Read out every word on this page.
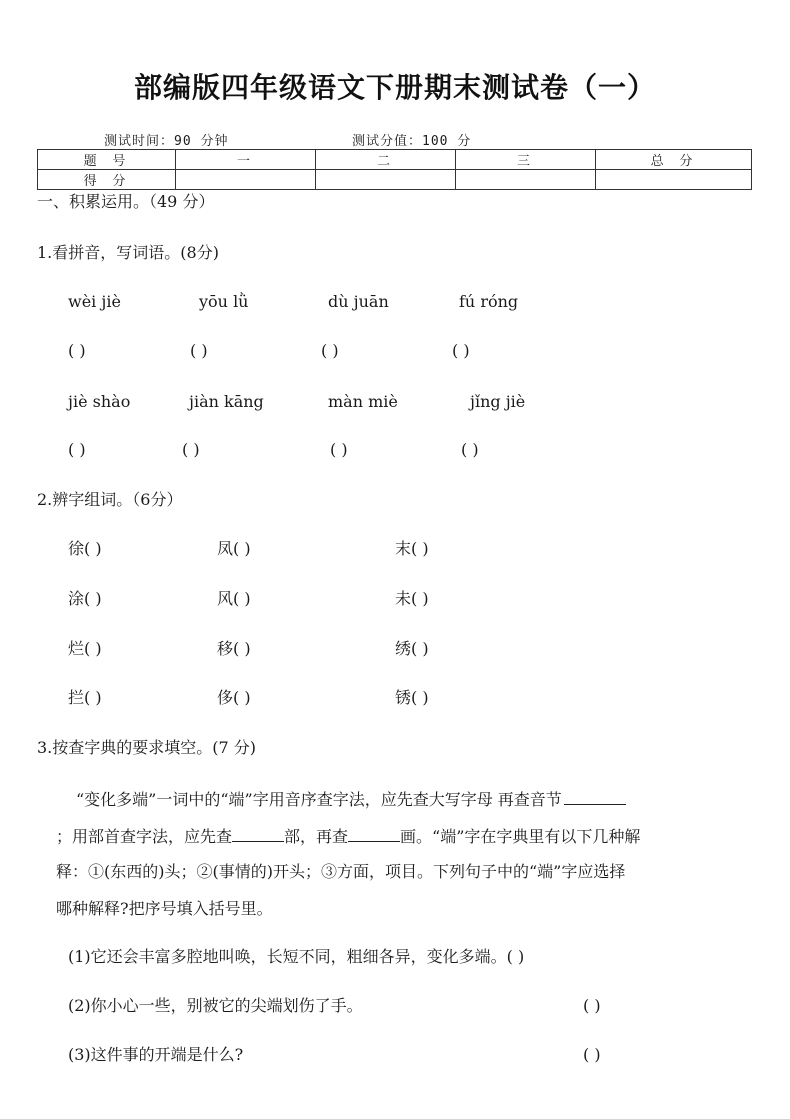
部编版四年级语文下册期末测试卷（一）
测试时间：90 分钟	测试分值：100 分
题 号	一	二	三	总 分
得 分				
一、积累运用。（49 分）
1.看拼音，写词语。(8分)
wèi jiè	yōu lǜ	dù juān	fú róng
( )	( )	( )	( )
jiè shào	jiàn kāng	màn miè	jǐng jiè
( )	( )	( )	( )
2.辨字组词。（6分）
徐( )	凤( )	末( )
涂( )	风( )	未( )
烂( )	移( )	绣( )
拦( )	侈( )	锈( )
3.按查字典的要求填空。(7 分)
“变化多端”一词中的“端”字用音序查字法，应先查大写字母 再查音节
；用部首查字法，应先查	部，再查	画。“端”字在字典里有以下几种解
释：①(东西的)头；②(事情的)开头；③方面，项目。下列句子中的“端”字应选择
哪种解释?把序号填入括号里。
(1)它还会丰富多腔地叫唤，长短不同，粗细各异，变化多端。( )
(2)你小心一些，别被它的尖端划伤了手。	( )
(3)这件事的开端是什么?	( )
